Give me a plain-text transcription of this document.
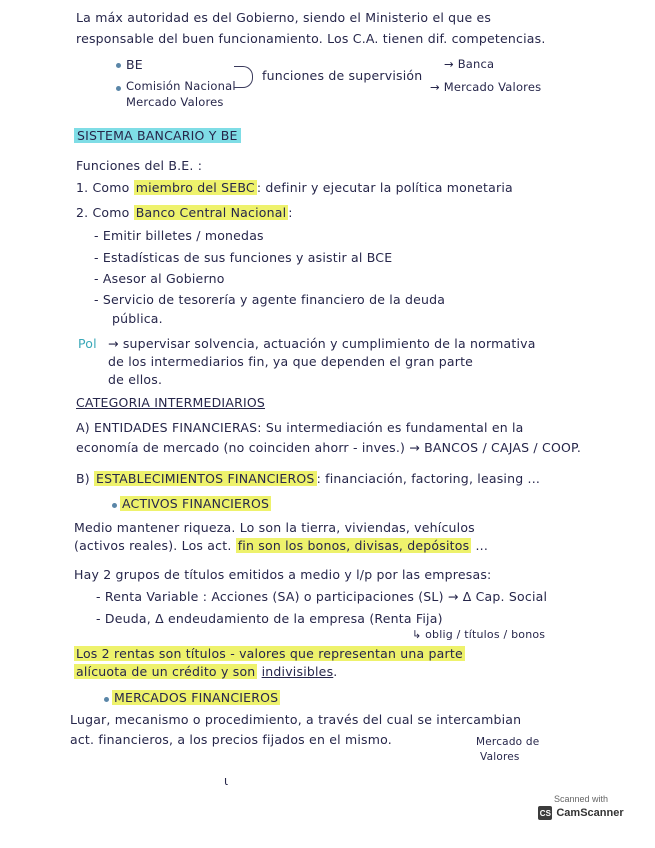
La máx autoridad es del Gobierno, siendo el Ministerio el que es

responsable del buen funcionamiento. Los C.A. tienen dif. competencias.

BE

Comisión Nacional

Mercado Valores

funciones de supervisión

→ Banca

→ Mercado Valores

SISTEMA BANCARIO Y BE

Funciones del B.E. :

1. Como miembro del SEBC : definir y ejecutar la política monetaria

2. Como Banco Central Nacional :

- Emitir billetes / monedas

- Estadísticas de sus funciones y asistir al BCE

- Asesor al Gobierno

- Servicio de tesorería y agente financiero de la deuda

pública.

Pol → supervisar solvencia, actuación y cumplimiento de la normativa

de los intermediarios fin, ya que dependen el gran parte

de ellos.

CATEGORIA INTERMEDIARIOS

A) ENTIDADES FINANCIERAS: Su intermediación es fundamental en la

economía de mercado (no coinciden ahorr - inves.) → BANCOS / CAJAS / COOP.

B) ESTABLECIMIENTOS FINANCIEROS : financiación, factoring, leasing ...

ACTIVOS FINANCIEROS

Medio mantener riqueza. Lo son la tierra, viviendas, vehículos

(activos reales). Los act. fin son los bonos, divisas, depósitos ...

Hay 2 grupos de títulos emitidos a medio y l/p por las empresas:

- Renta Variable : Acciones (SA) o participaciones (SL) → Δ Cap. Social

- Deuda, Δ endeudamiento de la empresa (Renta Fija)

↳ oblig / títulos / bonos

Los 2 rentas son títulos - valores que representan una parte

alícuota de un crédito y son indivisibles.

MERCADOS FINANCIEROS

Lugar, mecanismo o procedimiento, a través del cual se intercambian

act. financieros, a los precios fijados en el mismo.	Mercado de

Valores

ι

Scanned with
CS CamScanner
